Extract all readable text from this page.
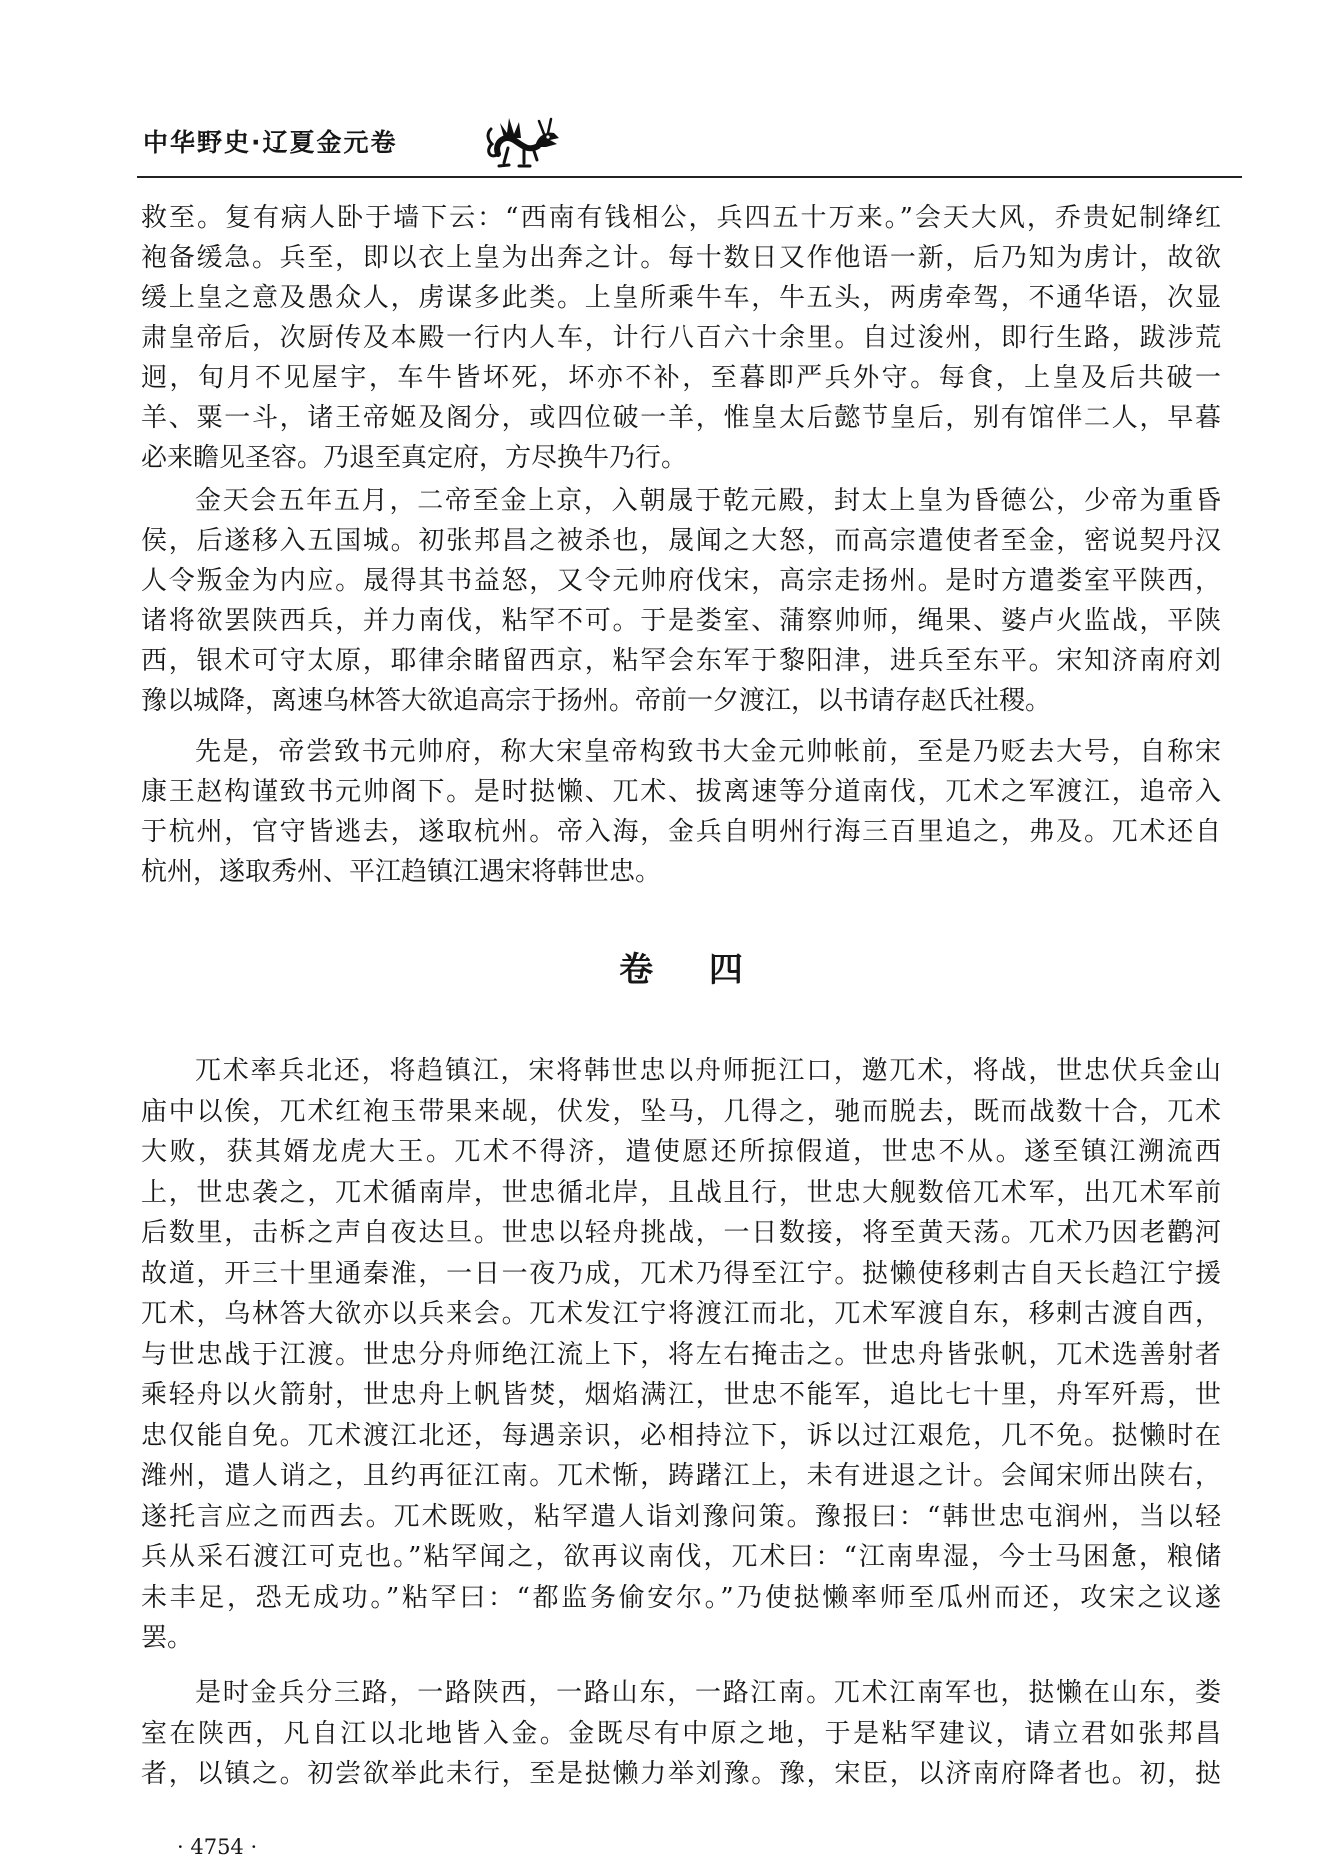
中华野史·辽夏金元卷
救至。复有病人卧于墙下云：“西南有钱相公，兵四五十万来。”会天大风，乔贵妃制绛红
袍备缓急。兵至，即以衣上皇为出奔之计。每十数日又作他语一新，后乃知为虏计，故欲
缓上皇之意及愚众人，虏谋多此类。上皇所乘牛车，牛五头，两虏牵驾，不通华语，次显
肃皇帝后，次厨传及本殿一行内人车，计行八百六十余里。自过浚州，即行生路，跋涉荒
迥，旬月不见屋宇，车牛皆坏死，坏亦不补，至暮即严兵外守。每食，上皇及后共破一
羊、粟一斗，诸王帝姬及阁分，或四位破一羊，惟皇太后懿节皇后，别有馆伴二人，早暮
必来瞻见圣容。乃退至真定府，方尽换牛乃行。
金天会五年五月，二帝至金上京，入朝晟于乾元殿，封太上皇为昏德公，少帝为重昏
侯，后遂移入五国城。初张邦昌之被杀也，晟闻之大怒，而高宗遣使者至金，密说契丹汉
人令叛金为内应。晟得其书益怒，又令元帅府伐宋，高宗走扬州。是时方遣娄室平陕西，
诸将欲罢陕西兵，并力南伐，粘罕不可。于是娄室、蒲察帅师，绳果、婆卢火监战，平陕
西，银术可守太原，耶律余睹留西京，粘罕会东军于黎阳津，进兵至东平。宋知济南府刘
豫以城降，离速乌林答大欲追高宗于扬州。帝前一夕渡江，以书请存赵氏社稷。
先是，帝尝致书元帅府，称大宋皇帝构致书大金元帅帐前，至是乃贬去大号，自称宋
康王赵构谨致书元帅阁下。是时挞懒、兀术、拔离速等分道南伐，兀术之军渡江，追帝入
于杭州，官守皆逃去，遂取杭州。帝入海，金兵自明州行海三百里追之，弗及。兀术还自
杭州，遂取秀州、平江趋镇江遇宋将韩世忠。
卷 四
兀术率兵北还，将趋镇江，宋将韩世忠以舟师扼江口，邀兀术，将战，世忠伏兵金山
庙中以俟，兀术红袍玉带果来觇，伏发，坠马，几得之，驰而脱去，既而战数十合，兀术
大败，获其婿龙虎大王。兀术不得济，遣使愿还所掠假道，世忠不从。遂至镇江溯流西
上，世忠袭之，兀术循南岸，世忠循北岸，且战且行，世忠大舰数倍兀术军，出兀术军前
后数里，击柝之声自夜达旦。世忠以轻舟挑战，一日数接，将至黄天荡。兀术乃因老鹳河
故道，开三十里通秦淮，一日一夜乃成，兀术乃得至江宁。挞懒使移剌古自天长趋江宁援
兀术，乌林答大欲亦以兵来会。兀术发江宁将渡江而北，兀术军渡自东，移剌古渡自西，
与世忠战于江渡。世忠分舟师绝江流上下，将左右掩击之。世忠舟皆张帆，兀术选善射者
乘轻舟以火箭射，世忠舟上帆皆焚，烟焰满江，世忠不能军，追比七十里，舟军歼焉，世
忠仅能自免。兀术渡江北还，每遇亲识，必相持泣下，诉以过江艰危，几不免。挞懒时在
潍州，遣人诮之，且约再征江南。兀术惭，踌躇江上，未有进退之计。会闻宋师出陕右，
遂托言应之而西去。兀术既败，粘罕遣人诣刘豫问策。豫报曰：“韩世忠屯润州，当以轻
兵从采石渡江可克也。”粘罕闻之，欲再议南伐，兀术曰：“江南卑湿，今士马困惫，粮储
未丰足，恐无成功。”粘罕曰：“都监务偷安尔。”乃使挞懒率师至瓜州而还，攻宋之议遂
罢。
是时金兵分三路，一路陕西，一路山东，一路江南。兀术江南军也，挞懒在山东，娄
室在陕西，凡自江以北地皆入金。金既尽有中原之地，于是粘罕建议，请立君如张邦昌
者，以镇之。初尝欲举此未行，至是挞懒力举刘豫。豫，宋臣，以济南府降者也。初，挞
· 4754 ·
